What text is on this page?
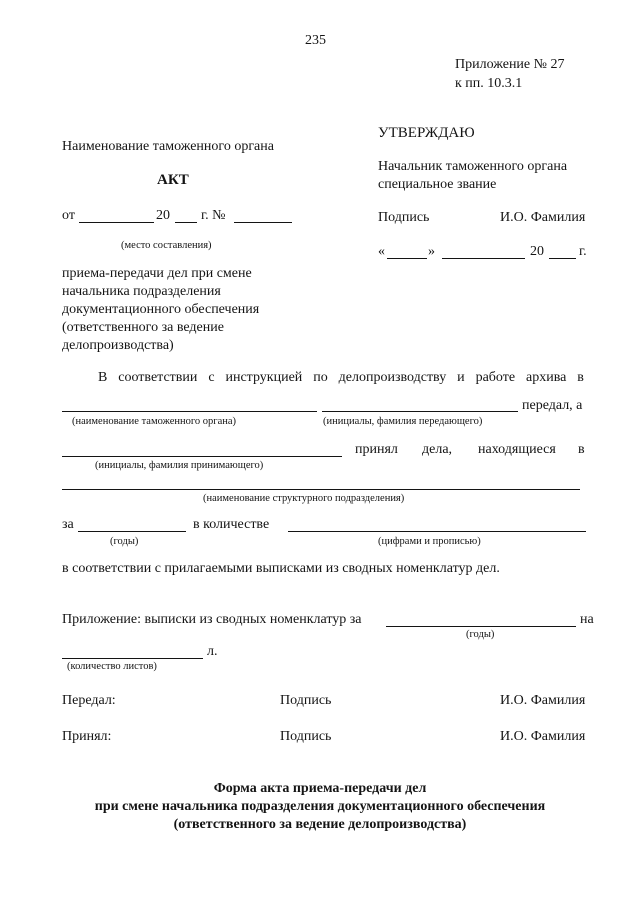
235
Приложение № 27
к пп. 10.3.1
УТВЕРЖДАЮ
Начальник таможенного органа
специальное звание
Подпись	И.О. Фамилия
«	»	20	г.
Наименование таможенного органа
АКТ
от	20 г. №
(место составления)
приема-передачи дел при смене
начальника подразделения
документационного обеспечения
(ответственного за ведение
делопроизводства)
В соответствии с инструкцией по делопроизводству и работе архива в
передал, а
(наименование таможенного органа)	(инициалы, фамилия передающего)
принял дела, находящиеся в
(инициалы, фамилия принимающего)
(наименование структурного подразделения)
за	в количестве
(годы)	(цифрами и прописью)
в соответствии с прилагаемыми выписками из сводных номенклатур дел.
Приложение: выписки из сводных номенклатур за	на
(годы)
л.
(количество листов)
Передал:	Подпись	И.О. Фамилия
Принял:	Подпись	И.О. Фамилия
Форма акта приема-передачи дел
при смене начальника подразделения документационного обеспечения
(ответственного за ведение делопроизводства)
